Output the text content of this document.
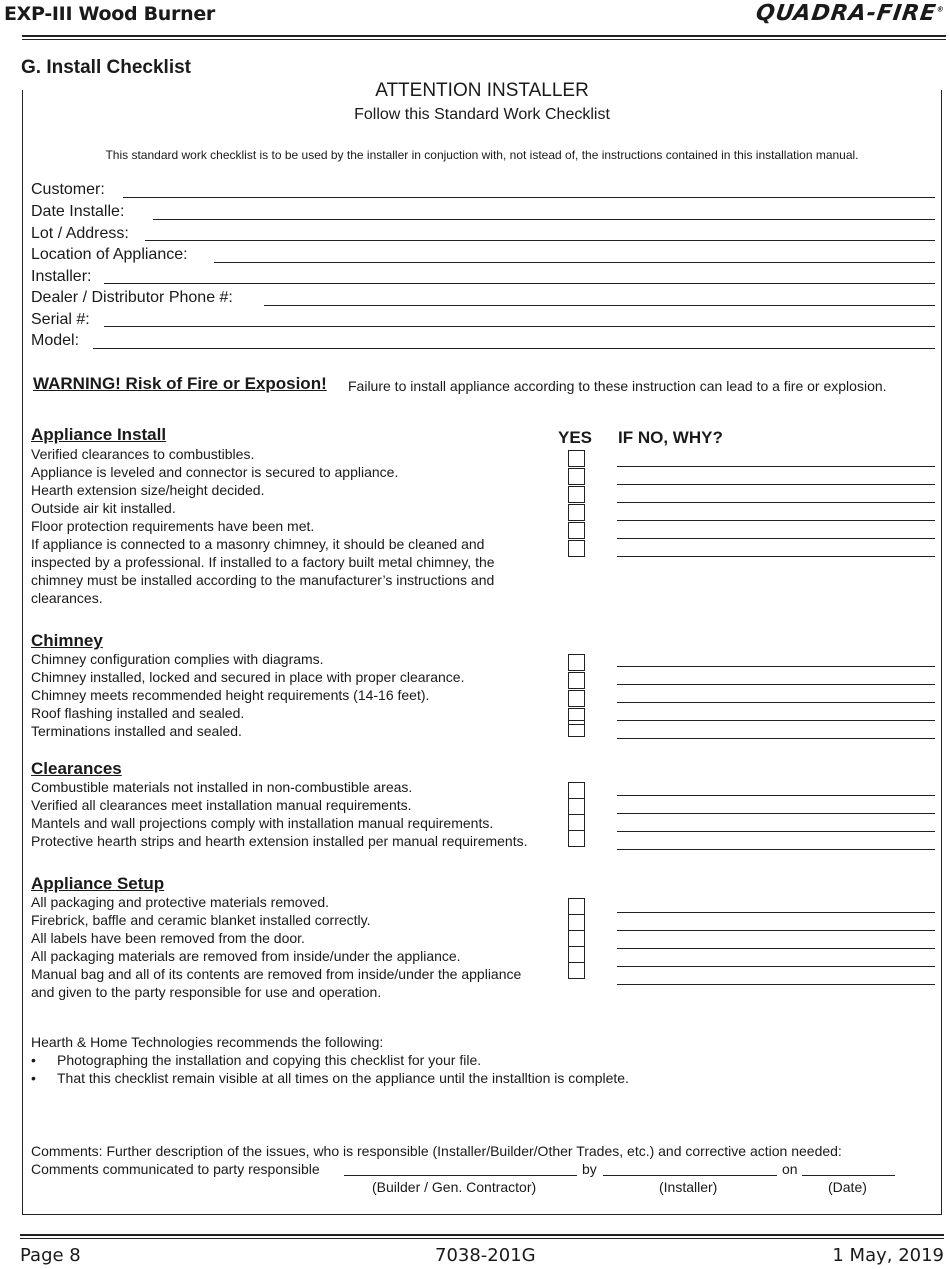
EXP-III Wood Burner	QUADRA-FIRE®
G. Install Checklist
ATTENTION INSTALLER
Follow this Standard Work Checklist
This standard work checklist is to be used by the installer in conjuction with, not istead of, the instructions contained in this installation manual.
Customer:
Date Installe:
Lot / Address:
Location of Appliance:
Installer:
Dealer / Distributor Phone #:
Serial #:
Model:
WARNING! Risk of Fire or Exposion! Failure to install appliance according to these instruction can lead to a fire or explosion.
YES IF NO, WHY?
Appliance Install
Verified clearances to combustibles.
Appliance is leveled and connector is secured to appliance.
Hearth extension size/height decided.
Outside air kit installed.
Floor protection requirements have been met.
If appliance is connected to a masonry chimney, it should be cleaned and
inspected by a professional. If installed to a factory built metal chimney, the
chimney must be installed according to the manufacturer’s instructions and
clearances.
Chimney
Chimney configuration complies with diagrams.
Chimney installed, locked and secured in place with proper clearance.
Chimney meets recommended height requirements (14-16 feet).
Roof flashing installed and sealed.
Terminations installed and sealed.
Clearances
Combustible materials not installed in non-combustible areas.
Verified all clearances meet installation manual requirements.
Mantels and wall projections comply with installation manual requirements.
Protective hearth strips and hearth extension installed per manual requirements.
Appliance Setup
All packaging and protective materials removed.
Firebrick, baffle and ceramic blanket installed correctly.
All labels have been removed from the door.
All packaging materials are removed from inside/under the appliance.
Manual bag and all of its contents are removed from inside/under the appliance
and given to the party responsible for use and operation.
Hearth & Home Technologies recommends the following:
• Photographing the installation and copying this checklist for your file.
• That this checklist remain visible at all times on the appliance until the installtion is complete.
Comments: Further description of the issues, who is responsible (Installer/Builder/Other Trades, etc.) and corrective action needed:
Comments communicated to party responsible	by	on
(Builder / Gen. Contractor)	(Installer)	(Date)
Page 8	7038-201G	1 May, 2019
